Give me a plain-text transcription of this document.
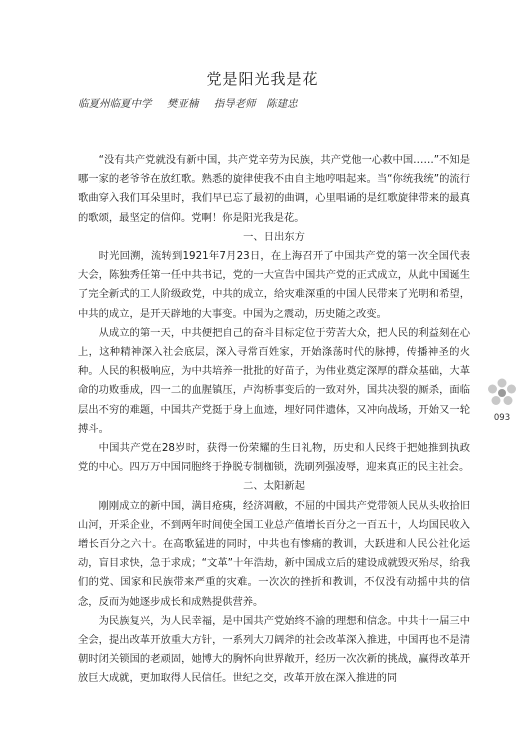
党是阳光我是花
临夏州临夏中学 樊亚楠 指导老师　陈建忠

“没有共产党就没有新中国，共产党辛劳为民族，共产党他一心救中国……”不知是哪一家的老爷爷在放红歌。熟悉的旋律使我不由自主地哼唱起来。当“你统我统”的流行歌曲穿入我们耳朵里时，我们早已忘了最初的曲调，心里唱诵的是红歌旋律带来的最真的歌颂，最坚定的信仰。党啊！你是阳光我是花。

一、日出东方

时光回溯，流转到1921年7月23日，在上海召开了中国共产党的第一次全国代表大会，陈独秀任第一任中共书记，党的一大宣告中国共产党的正式成立，从此中国诞生了完全新式的工人阶级政党，中共的成立，给灾难深重的中国人民带来了光明和希望，中共的成立，是开天辟地的大事变。中国为之震动，历史随之改变。

从成立的第一天，中共便把自己的奋斗目标定位于劳苦大众，把人民的利益刻在心上，这种精神深入社会底层，深入寻常百姓家，开始涤荡时代的脉搏，传播神圣的火种。人民的积极响应，为中共培养一批批的好苗子，为伟业奠定深厚的群众基础，大革命的功败垂成，四一二的血腥镇压，卢沟桥事变后的一致对外，国共决裂的厮杀，面临层出不穷的难题，中国共产党挺于身上血迹，埋好同伴遗体，又冲向战场，开始又一轮搏斗。

中国共产党在28岁时，获得一份荣耀的生日礼物，历史和人民终于把她推到执政党的中心。四万万中国同胞终于挣脱专制枷锁，洗刷列强凌辱，迎来真正的民主社会。

二、太阳新起

刚刚成立的新中国，满目疮痍，经济凋敝，不屈的中国共产党带领人民从头收拾旧山河，开采企业，不到两年时间使全国工业总产值增长百分之一百五十，人均国民收入增长百分之六十。在高歌猛进的同时，中共也有惨痛的教训，大跃进和人民公社化运动，盲目求快，急于求成；“文革”十年浩劫，新中国成立后的建设成就毁灭殆尽，给我们的党、国家和民族带来严重的灾难。一次次的挫折和教训，不仅没有动摇中共的信念，反而为她逐步成长和成熟提供营养。

为民族复兴，为人民幸福，是中国共产党始终不渝的理想和信念。中共十一届三中全会，提出改革开放重大方针，一系列大刀阔斧的社会改革深入推进，中国再也不是清朝时闭关锁国的老顽固，她博大的胸怀向世界敞开，经历一次次新的挑战，赢得改革开放巨大成就，更加取得人民信任。世纪之交，改革开放在深入推进的同

093
